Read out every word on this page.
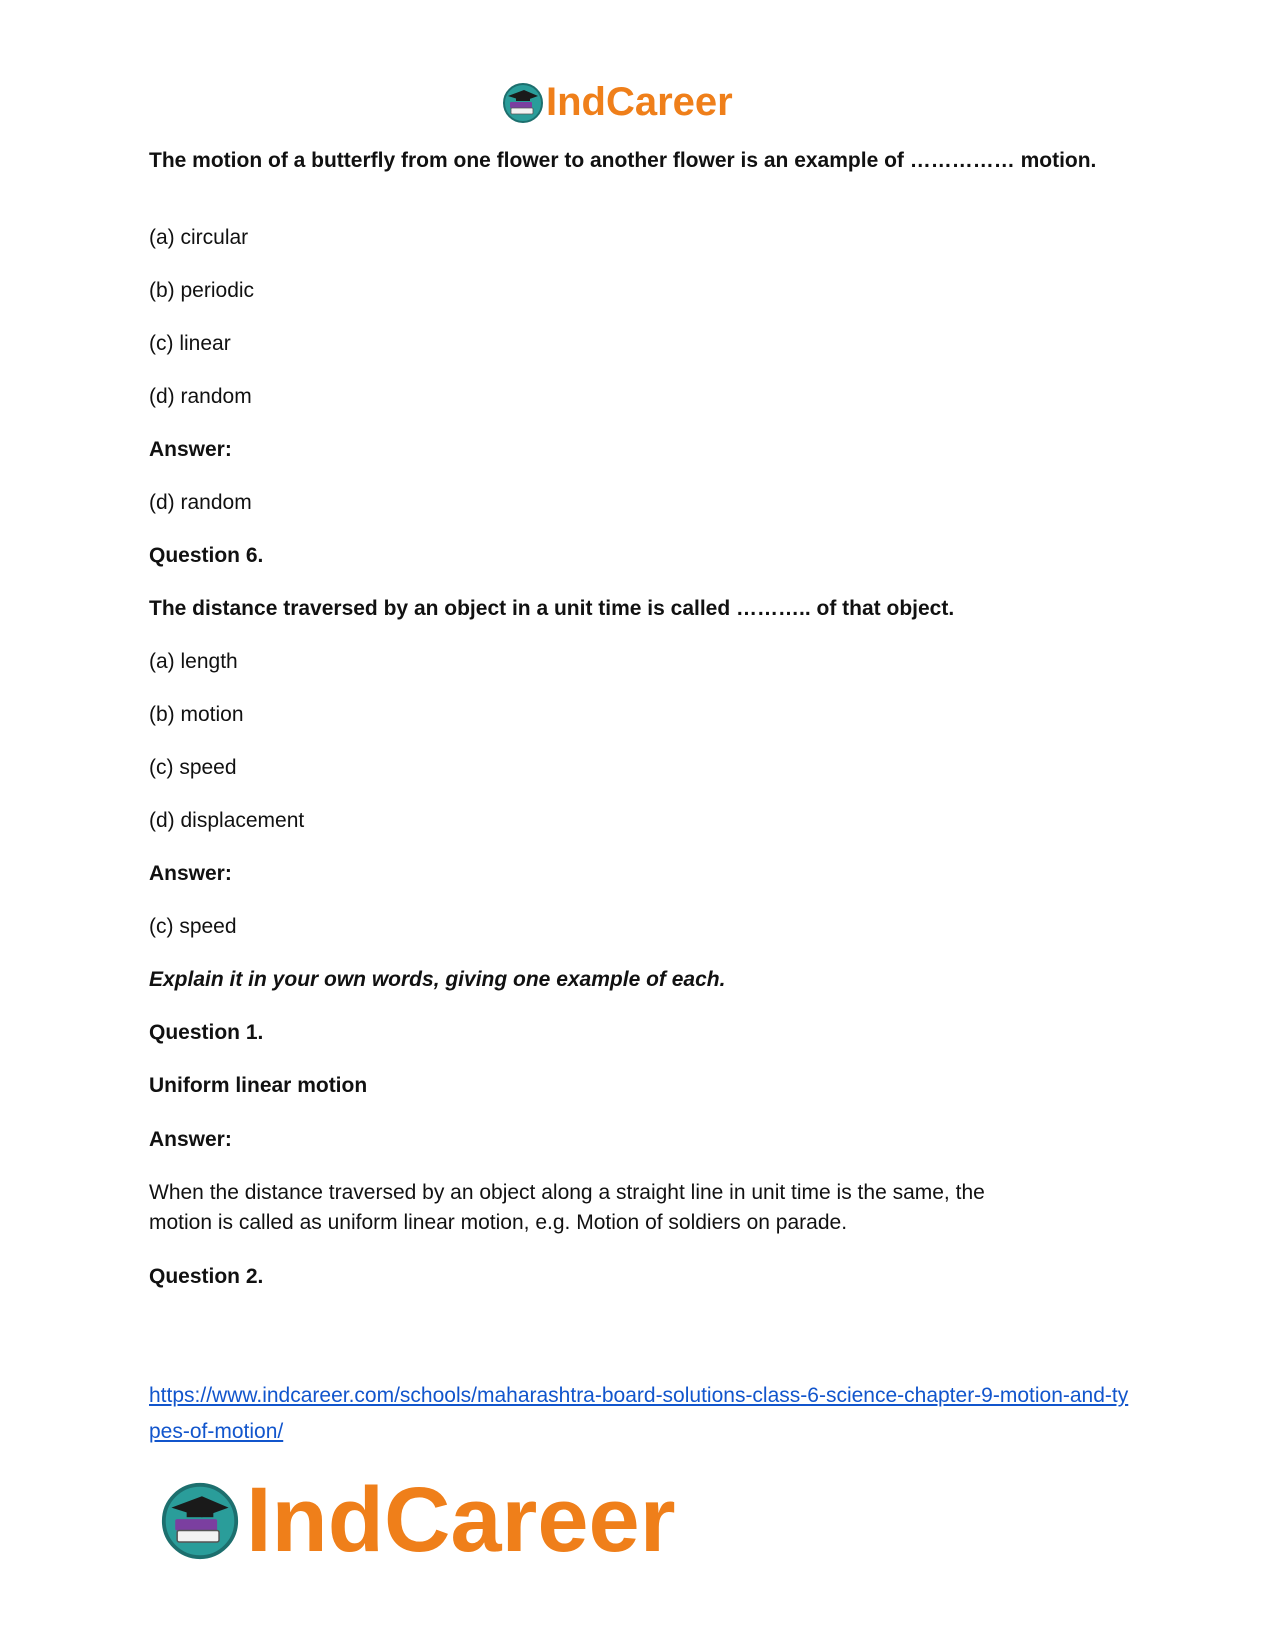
IndCareer
The motion of a butterfly from one flower to another flower is an example of …………… motion.
(a) circular
(b) periodic
(c) linear
(d) random
Answer:
(d) random
Question 6.
The distance traversed by an object in a unit time is called ……….. of that object.
(a) length
(b) motion
(c) speed
(d) displacement
Answer:
(c) speed
Explain it in your own words, giving one example of each.
Question 1.
Uniform linear motion
Answer:
When the distance traversed by an object along a straight line in unit time is the same, the motion is called as uniform linear motion, e.g. Motion of soldiers on parade.
Question 2.
https://www.indcareer.com/schools/maharashtra-board-solutions-class-6-science-chapter-9-motion-and-types-of-motion/
IndCareer
